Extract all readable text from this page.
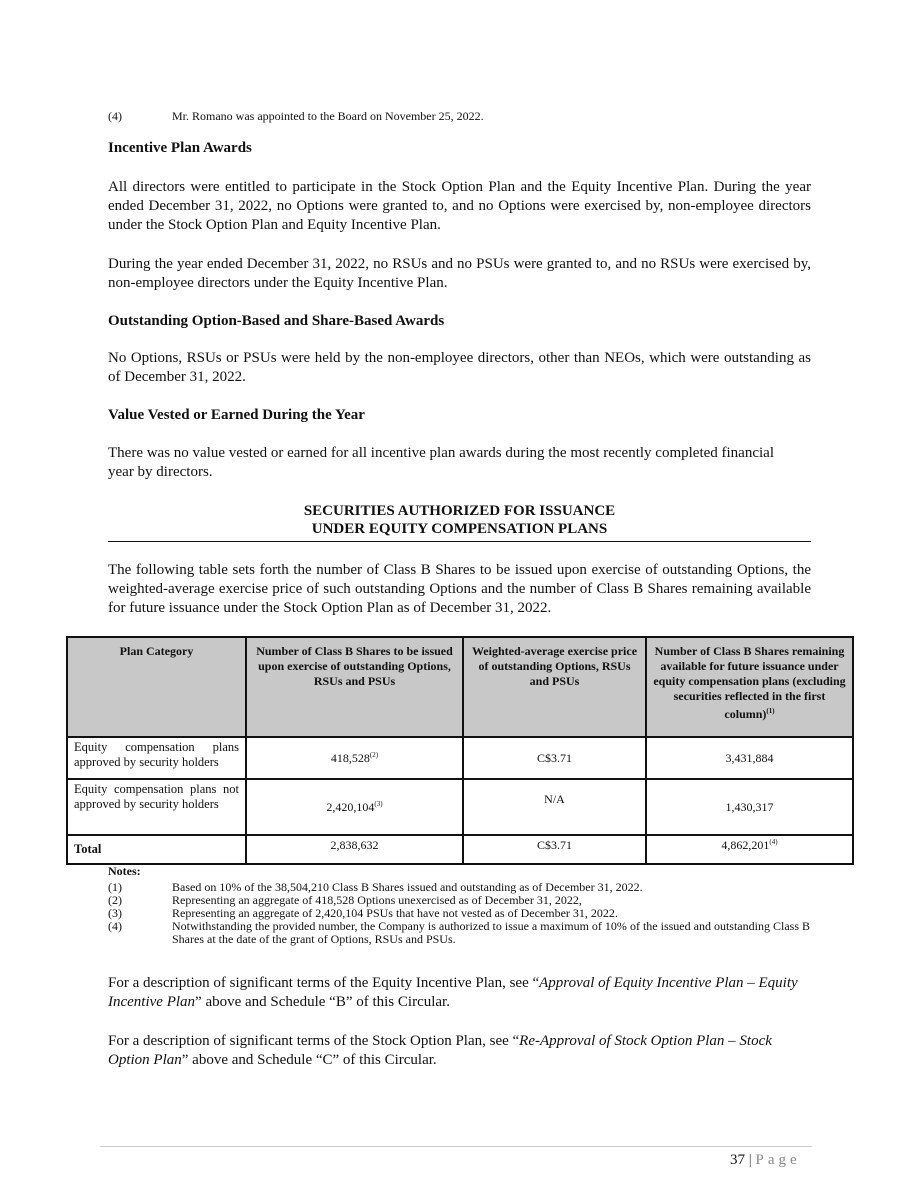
(4)	Mr. Romano was appointed to the Board on November 25, 2022.
Incentive Plan Awards
All directors were entitled to participate in the Stock Option Plan and the Equity Incentive Plan. During the year ended December 31, 2022, no Options were granted to, and no Options were exercised by, non-employee directors under the Stock Option Plan and Equity Incentive Plan.
During the year ended December 31, 2022, no RSUs and no PSUs were granted to, and no RSUs were exercised by, non-employee directors under the Equity Incentive Plan.
Outstanding Option-Based and Share-Based Awards
No Options, RSUs or PSUs were held by the non-employee directors, other than NEOs, which were outstanding as of December 31, 2022.
Value Vested or Earned During the Year
There was no value vested or earned for all incentive plan awards during the most recently completed financial year by directors.
SECURITIES AUTHORIZED FOR ISSUANCE
UNDER EQUITY COMPENSATION PLANS
The following table sets forth the number of Class B Shares to be issued upon exercise of outstanding Options, the weighted-average exercise price of such outstanding Options and the number of Class B Shares remaining available for future issuance under the Stock Option Plan as of December 31, 2022.
Plan Category	Number of Class B Shares to be issued upon exercise of outstanding Options, RSUs and PSUs	Weighted-average exercise price of outstanding Options, RSUs and PSUs	Number of Class B Shares remaining available for future issuance under equity compensation plans (excluding securities reflected in the first column)$^{(1)}$
Equity compensation plans approved by security holders	418,528$^{(2)}$	C$3.71	3,431,884
Equity compensation plans not approved by security holders	2,420,104$^{(3)}$	N/A	1,430,317
Total	2,838,632	C$3.71	4,862,201$^{(4)}$
Notes:
(1)	Based on 10% of the 38,504,210 Class B Shares issued and outstanding as of December 31, 2022.
(2)	Representing an aggregate of 418,528 Options unexercised as of December 31, 2022,
(3)	Representing an aggregate of 2,420,104 PSUs that have not vested as of December 31, 2022.
(4)	Notwithstanding the provided number, the Company is authorized to issue a maximum of 10% of the issued and outstanding Class B Shares at the date of the grant of Options, RSUs and PSUs.
For a description of significant terms of the Equity Incentive Plan, see “Approval of Equity Incentive Plan – Equity Incentive Plan” above and Schedule “B” of this Circular.
For a description of significant terms of the Stock Option Plan, see “Re-Approval of Stock Option Plan – Stock Option Plan” above and Schedule “C” of this Circular.
37 | Page
